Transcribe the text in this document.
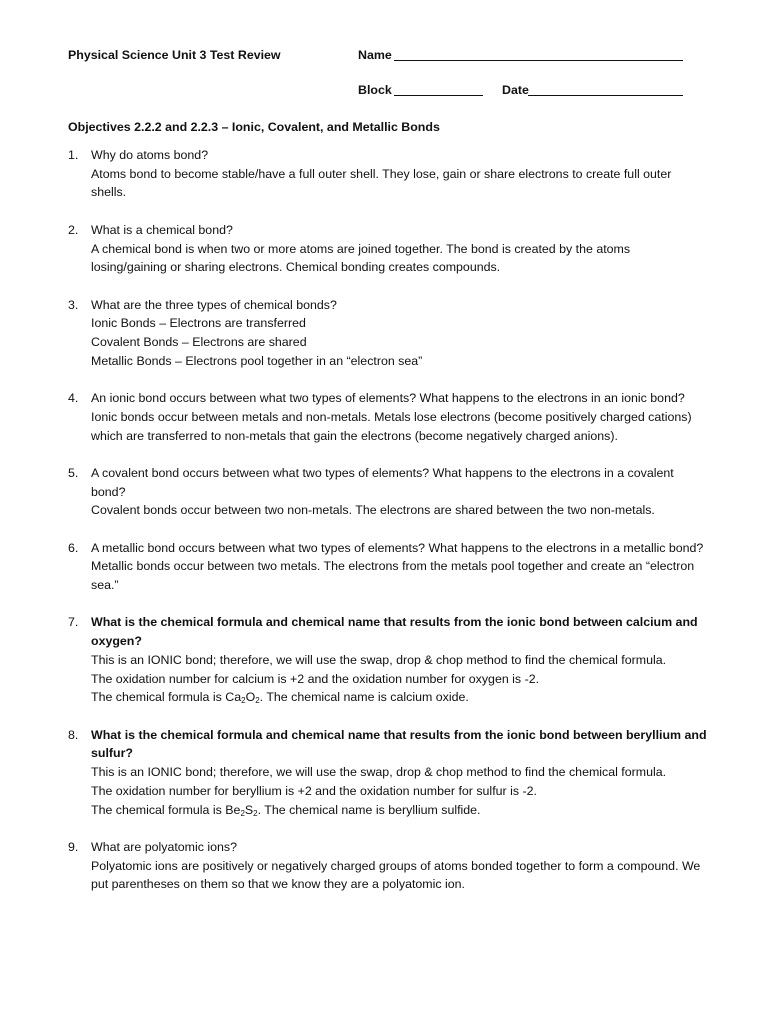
Physical Science Unit 3 Test Review	Name
Block	Date
Objectives 2.2.2 and 2.2.3 – Ionic, Covalent, and Metallic Bonds
1. Why do atoms bond?
Atoms bond to become stable/have a full outer shell. They lose, gain or share electrons to create full outer shells.
2. What is a chemical bond?
A chemical bond is when two or more atoms are joined together. The bond is created by the atoms losing/gaining or sharing electrons. Chemical bonding creates compounds.
3. What are the three types of chemical bonds?
Ionic Bonds – Electrons are transferred
Covalent Bonds – Electrons are shared
Metallic Bonds – Electrons pool together in an “electron sea”
4. An ionic bond occurs between what two types of elements? What happens to the electrons in an ionic bond?
Ionic bonds occur between metals and non-metals. Metals lose electrons (become positively charged cations) which are transferred to non-metals that gain the electrons (become negatively charged anions).
5. A covalent bond occurs between what two types of elements? What happens to the electrons in a covalent bond?
Covalent bonds occur between two non-metals. The electrons are shared between the two non-metals.
6. A metallic bond occurs between what two types of elements? What happens to the electrons in a metallic bond?
Metallic bonds occur between two metals. The electrons from the metals pool together and create an “electron sea.”
7. What is the chemical formula and chemical name that results from the ionic bond between calcium and oxygen?
This is an IONIC bond; therefore, we will use the swap, drop & chop method to find the chemical formula.
The oxidation number for calcium is +2 and the oxidation number for oxygen is -2.
The chemical formula is $Ca_2O_2$. The chemical name is calcium oxide.
8. What is the chemical formula and chemical name that results from the ionic bond between beryllium and sulfur?
This is an IONIC bond; therefore, we will use the swap, drop & chop method to find the chemical formula.
The oxidation number for beryllium is +2 and the oxidation number for sulfur is -2.
The chemical formula is $Be_2S_2$. The chemical name is beryllium sulfide.
9. What are polyatomic ions?
Polyatomic ions are positively or negatively charged groups of atoms bonded together to form a compound. We put parentheses on them so that we know they are a polyatomic ion.
